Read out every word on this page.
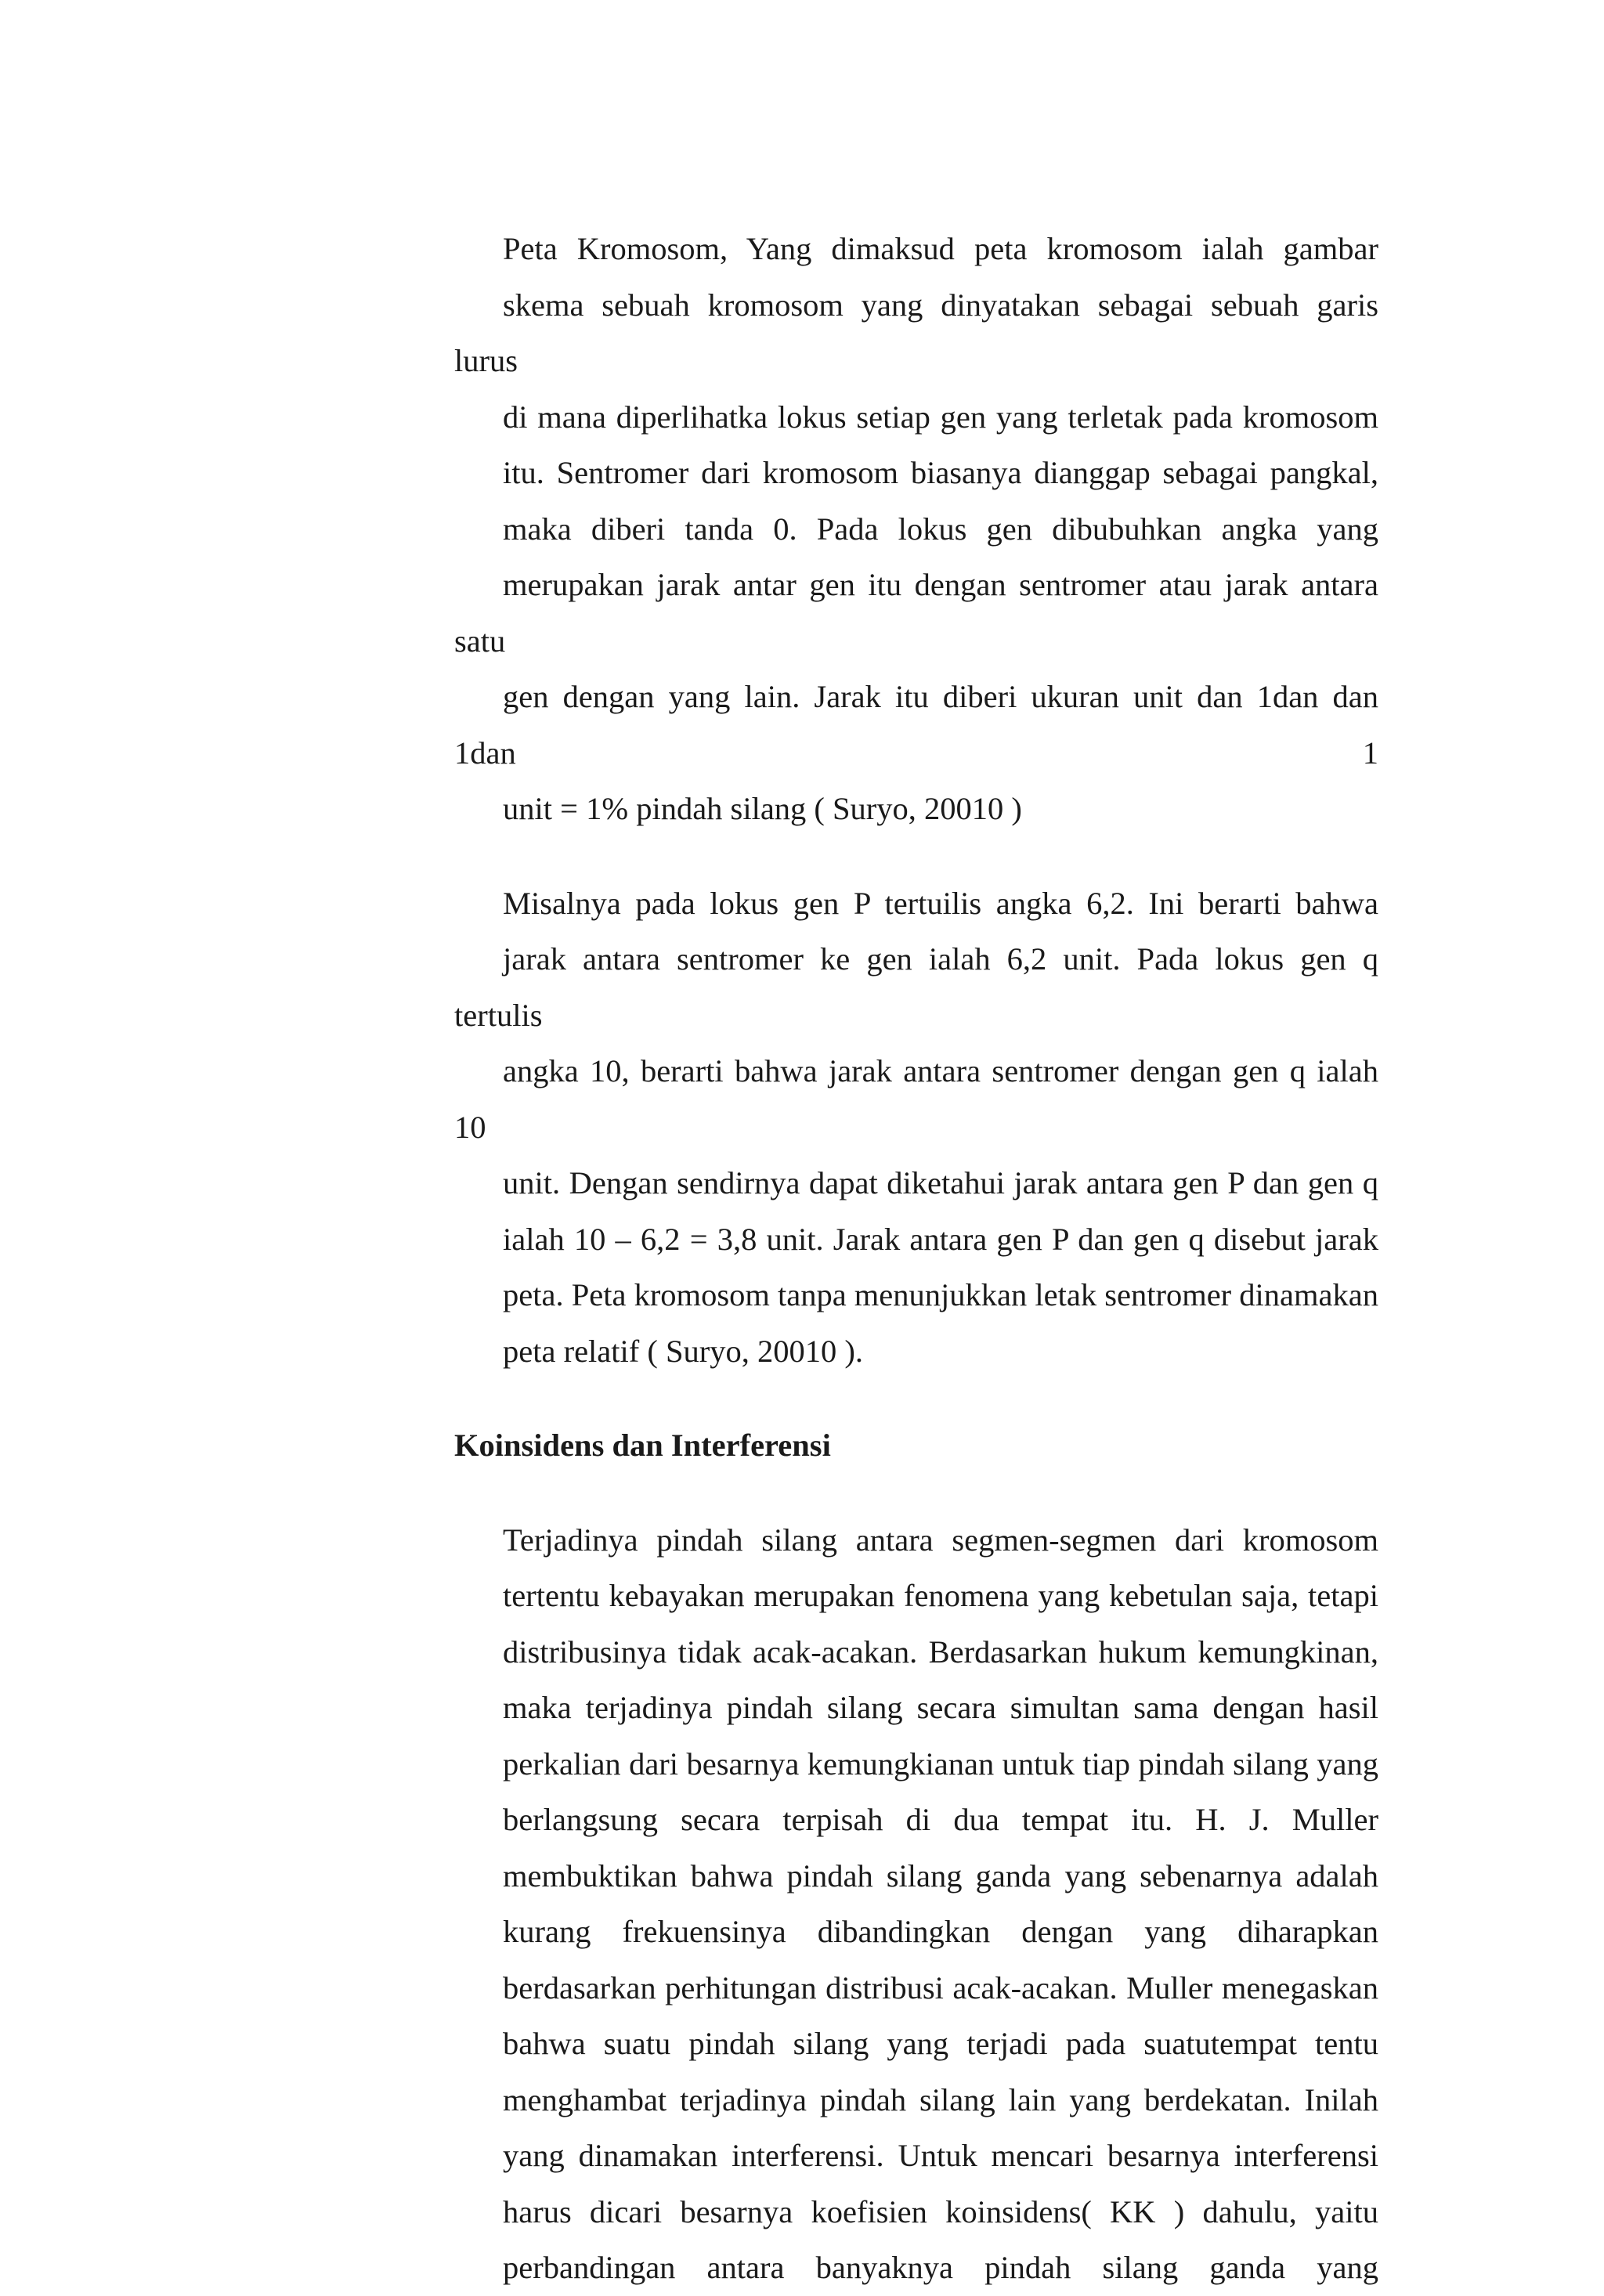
Peta Kromosom, Yang dimaksud peta kromosom ialah gambar
skema sebuah kromosom yang dinyatakan sebagai sebuah garis lurus
di mana diperlihatka lokus setiap gen yang terletak pada kromosom
itu. Sentromer dari kromosom biasanya dianggap sebagai pangkal,
maka diberi tanda 0. Pada lokus gen dibubuhkan angka yang
merupakan jarak antar gen itu dengan sentromer atau jarak antara satu
gen dengan yang lain. Jarak itu diberi ukuran unit dan 1dan dan 1dan 1
unit = 1% pindah silang ( Suryo, 20010 )

Misalnya pada lokus gen P tertuilis angka 6,2. Ini berarti bahwa
jarak antara sentromer ke gen ialah 6,2 unit. Pada lokus gen q tertulis
angka 10, berarti bahwa jarak antara sentromer dengan gen q ialah 10
unit. Dengan sendirnya dapat diketahui jarak antara gen P dan gen q
ialah 10 – 6,2 = 3,8 unit. Jarak antara gen P dan gen q disebut jarak
peta. Peta kromosom tanpa menunjukkan letak sentromer dinamakan
peta relatif ( Suryo, 20010 ).

Koinsidens dan Interferensi

Terjadinya pindah silang antara segmen-segmen dari kromosom
tertentu kebayakan merupakan fenomena yang kebetulan saja, tetapi
distribusinya tidak acak-acakan. Berdasarkan hukum kemungkinan,
maka terjadinya pindah silang secara simultan sama dengan hasil
perkalian dari besarnya kemungkianan untuk tiap pindah silang yang
berlangsung secara terpisah di dua tempat itu. H. J. Muller
membuktikan bahwa pindah silang ganda yang sebenarnya adalah
kurang frekuensinya dibandingkan dengan yang diharapkan
berdasarkan perhitungan distribusi acak-acakan. Muller menegaskan
bahwa suatu pindah silang yang terjadi pada suatutempat tentu
menghambat terjadinya pindah silang lain yang berdekatan. Inilah
yang dinamakan interferensi. Untuk mencari besarnya interferensi
harus dicari besarnya koefisien koinsidens( KK ) dahulu, yaitu
perbandingan antara banyaknya pindah silang ganda yang
